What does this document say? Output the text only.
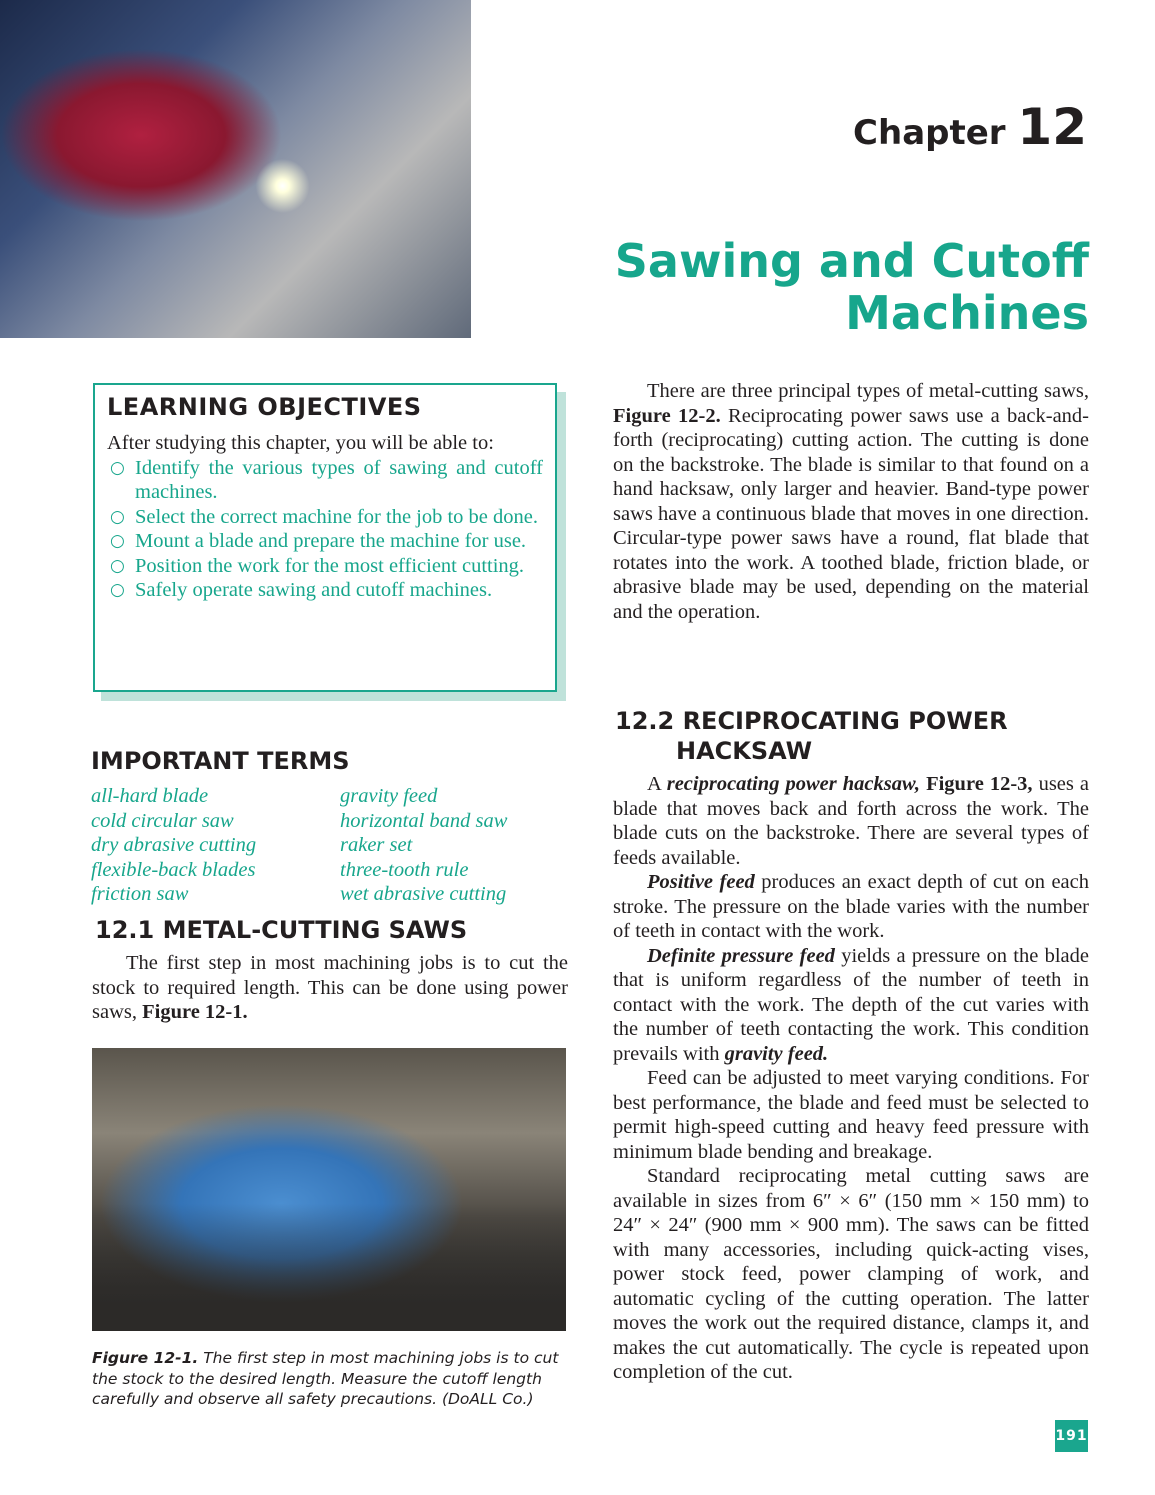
Chapter 12
Sawing and Cutoff
Machines
LEARNING OBJECTIVES
After studying this chapter, you will be able to:
○ Identify the various types of sawing and cutoff machines.
○ Select the correct machine for the job to be done.
○ Mount a blade and prepare the machine for use.
○ Position the work for the most efficient cutting.
○ Safely operate sawing and cutoff machines.
IMPORTANT TERMS
all-hard blade
cold circular saw
dry abrasive cutting
flexible-back blades
friction saw
gravity feed
horizontal band saw
raker set
three-tooth rule
wet abrasive cutting
12.1 METAL-CUTTING SAWS

The first step in most machining jobs is to cut the stock to required length. This can be done using power saws, Figure 12-1.

Figure 12-1. The first step in most machining jobs is to cut the stock to the desired length. Measure the cutoff length carefully and observe all safety precautions. (DoALL Co.)

There are three principal types of metal-cutting saws, Figure 12-2. Reciprocating power saws use a back-and-forth (reciprocating) cutting action. The cutting is done on the backstroke. The blade is similar to that found on a hand hacksaw, only larger and heavier. Band-type power saws have a continuous blade that moves in one direction. Circular-type power saws have a round, flat blade that rotates into the work. A toothed blade, friction blade, or abrasive blade may be used, depending on the material and the operation.

12.2 RECIPROCATING POWER
HACKSAW

A reciprocating power hacksaw, Figure 12-3, uses a blade that moves back and forth across the work. The blade cuts on the backstroke. There are several types of feeds available.

Positive feed produces an exact depth of cut on each stroke. The pressure on the blade varies with the number of teeth in contact with the work.

Definite pressure feed yields a pressure on the blade that is uniform regardless of the number of teeth in contact with the work. The depth of the cut varies with the number of teeth contacting the work. This condition prevails with gravity feed.

Feed can be adjusted to meet varying conditions. For best performance, the blade and feed must be selected to permit high-speed cutting and heavy feed pressure with minimum blade bending and breakage.

Standard reciprocating metal cutting saws are available in sizes from 6″ × 6″ (150 mm × 150 mm) to 24″ × 24″ (900 mm × 900 mm). The saws can be fitted with many accessories, including quick-acting vises, power stock feed, power clamping of work, and automatic cycling of the cutting operation. The latter moves the work out the required distance, clamps it, and makes the cut automatically. The cycle is repeated upon completion of the cut.

191
